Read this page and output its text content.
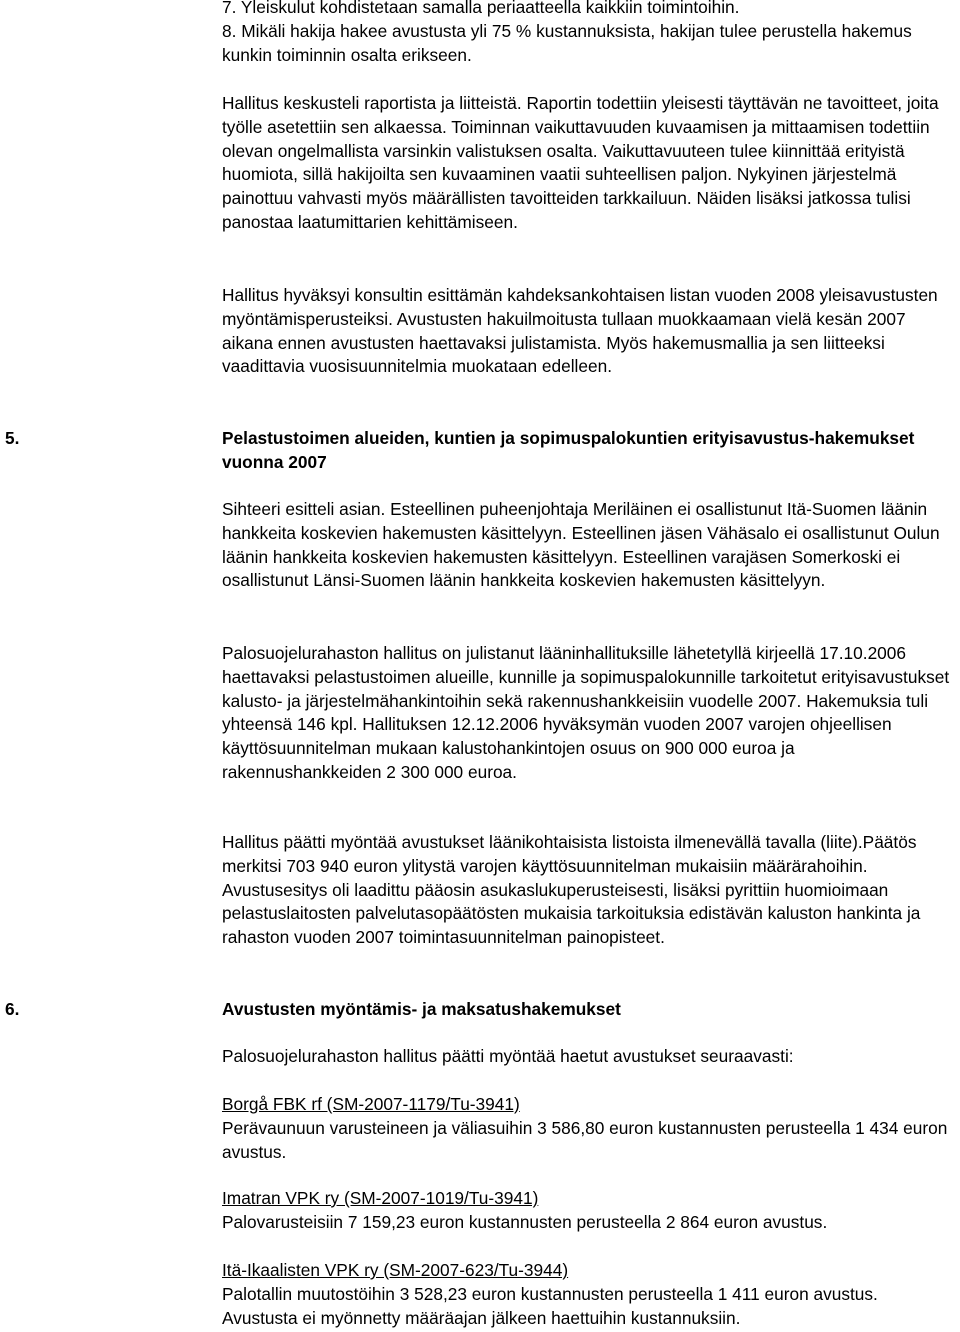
7. Yleiskulut kohdistetaan samalla periaatteella kaikkiin toimintoihin.

8. Mikäli hakija hakee avustusta yli 75 % kustannuksista, hakijan tulee perustella hakemus kunkin toiminnin osalta erikseen.

Hallitus keskusteli raportista ja liitteistä. Raportin todettiin yleisesti täyttävän ne tavoitteet, joita työlle asetettiin sen alkaessa. Toiminnan vaikuttavuuden kuvaamisen ja mittaamisen todettiin olevan ongelmallista varsinkin valistuksen osalta. Vaikuttavuuteen tulee kiinnittää erityistä huomiota, sillä hakijoilta sen kuvaaminen vaatii suhteellisen paljon. Nykyinen järjestelmä painottuu vahvasti myös määrällisten tavoitteiden tarkkailuun. Näiden lisäksi jatkossa tulisi panostaa laatumittarien kehittämiseen.

Hallitus hyväksyi konsultin esittämän kahdeksankohtaisen listan vuoden 2008 yleisavustusten myöntämisperusteiksi. Avustusten hakuilmoitusta tullaan muokkaamaan vielä kesän 2007 aikana ennen avustusten haettavaksi julistamista. Myös hakemusmallia ja sen liitteeksi vaadittavia vuosisuunnitelmia muokataan edelleen.

5.	Pelastustoimen alueiden, kuntien ja sopimuspalokuntien erityisavustus-hakemukset vuonna 2007

Sihteeri esitteli asian. Esteellinen puheenjohtaja Meriläinen ei osallistunut Itä-Suomen läänin hankkeita koskevien hakemusten käsittelyyn. Esteellinen jäsen Vähäsalo ei osallistunut Oulun läänin hankkeita koskevien hakemusten käsittelyyn. Esteellinen varajäsen Somerkoski ei osallistunut Länsi-Suomen läänin hankkeita koskevien hakemusten käsittelyyn.

Palosuojelurahaston hallitus on julistanut lääninhallituksille lähetetyllä kirjeellä 17.10.2006 haettavaksi pelastustoimen alueille, kunnille ja sopimuspalokunnille tarkoitetut erityisavustukset kalusto- ja järjestelmähankintoihin sekä rakennushankkeisiin vuodelle 2007. Hakemuksia tuli yhteensä 146 kpl. Hallituksen 12.12.2006 hyväksymän vuoden 2007 varojen ohjeellisen käyttösuunnitelman mukaan kalustohankintojen osuus on 900 000 euroa ja rakennushankkeiden 2 300 000 euroa.

Hallitus päätti myöntää avustukset läänikohtaisista listoista ilmenevällä tavalla (liite).Päätös merkitsi 703 940 euron ylitystä varojen käyttösuunnitelman mukaisiin määrärahoihin. Avustusesitys oli laadittu pääosin asukaslukuperusteisesti, lisäksi pyrittiin huomioimaan pelastuslaitosten palvelutasopäätösten mukaisia tarkoituksia edistävän kaluston hankinta ja rahaston vuoden 2007 toimintasuunnitelman painopisteet.

6.	Avustusten myöntämis- ja maksatushakemukset

Palosuojelurahaston hallitus päätti myöntää haetut avustukset seuraavasti:

Borgå FBK rf (SM-2007-1179/Tu-3941)

Perävaunuun varusteineen ja väliasuihin 3 586,80 euron kustannusten perusteella 1 434 euron avustus.

Imatran VPK ry (SM-2007-1019/Tu-3941)

Palovarusteisiin 7 159,23 euron kustannusten perusteella 2 864 euron avustus.

Itä-Ikaalisten VPK ry (SM-2007-623/Tu-3944)

Palotallin muutostöihin 3 528,23 euron kustannusten perusteella 1 411 euron avustus. Avustusta ei myönnetty määräajan jälkeen haettuihin kustannuksiin.
